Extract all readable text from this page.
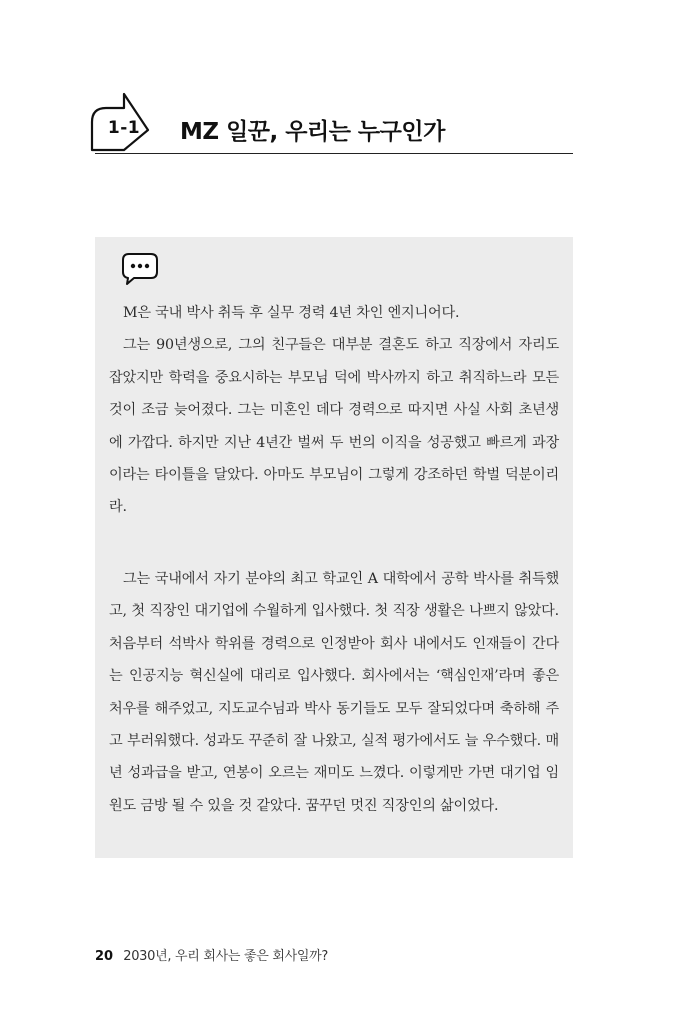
1-1 MZ 일꾼, 우리는 누구인가

M은 국내 박사 취득 후 실무 경력 4년 차인 엔지니어다.
그는 90년생으로, 그의 친구들은 대부분 결혼도 하고 직장에서 자리도 잡았지만 학력을 중요시하는 부모님 덕에 박사까지 하고 취직하느라 모든 것이 조금 늦어졌다. 그는 미혼인 데다 경력으로 따지면 사실 사회 초년생에 가깝다. 하지만 지난 4년간 벌써 두 번의 이직을 성공했고 빠르게 과장이라는 타이틀을 달았다. 아마도 부모님이 그렇게 강조하던 학벌 덕분이리라.

그는 국내에서 자기 분야의 최고 학교인 A 대학에서 공학 박사를 취득했고, 첫 직장인 대기업에 수월하게 입사했다. 첫 직장 생활은 나쁘지 않았다. 처음부터 석박사 학위를 경력으로 인정받아 회사 내에서도 인재들이 간다는 인공지능 혁신실에 대리로 입사했다. 회사에서는 ‘핵심인재’라며 좋은 처우를 해주었고, 지도교수님과 박사 동기들도 모두 잘되었다며 축하해 주고 부러워했다. 성과도 꾸준히 잘 나왔고, 실적 평가에서도 늘 우수했다. 매년 성과급을 받고, 연봉이 오르는 재미도 느꼈다. 이렇게만 가면 대기업 임원도 금방 될 수 있을 것 같았다. 꿈꾸던 멋진 직장인의 삶이었다.

20 2030년, 우리 회사는 좋은 회사일까?
